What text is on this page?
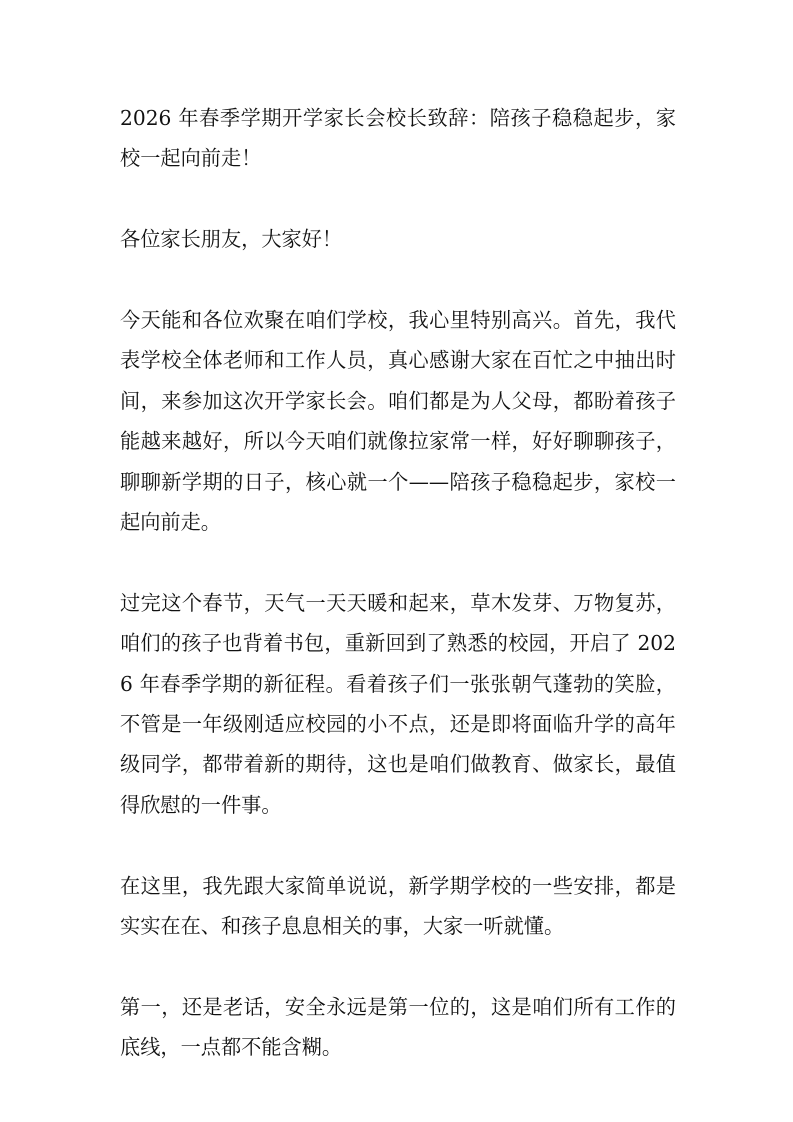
2026 年春季学期开学家长会校长致辞：陪孩子稳稳起步，家校一起向前走！

各位家长朋友，大家好！

今天能和各位欢聚在咱们学校，我心里特别高兴。首先，我代表学校全体老师和工作人员，真心感谢大家在百忙之中抽出时间，来参加这次开学家长会。咱们都是为人父母，都盼着孩子能越来越好，所以今天咱们就像拉家常一样，好好聊聊孩子，聊聊新学期的日子，核心就一个——陪孩子稳稳起步，家校一起向前走。

过完这个春节，天气一天天暖和起来，草木发芽、万物复苏，咱们的孩子也背着书包，重新回到了熟悉的校园，开启了 2026 年春季学期的新征程。看着孩子们一张张朝气蓬勃的笑脸，不管是一年级刚适应校园的小不点，还是即将面临升学的高年级同学，都带着新的期待，这也是咱们做教育、做家长，最值得欣慰的一件事。

在这里，我先跟大家简单说说，新学期学校的一些安排，都是实实在在、和孩子息息相关的事，大家一听就懂。

第一，还是老话，安全永远是第一位的，这是咱们所有工作的底线，一点都不能含糊。
